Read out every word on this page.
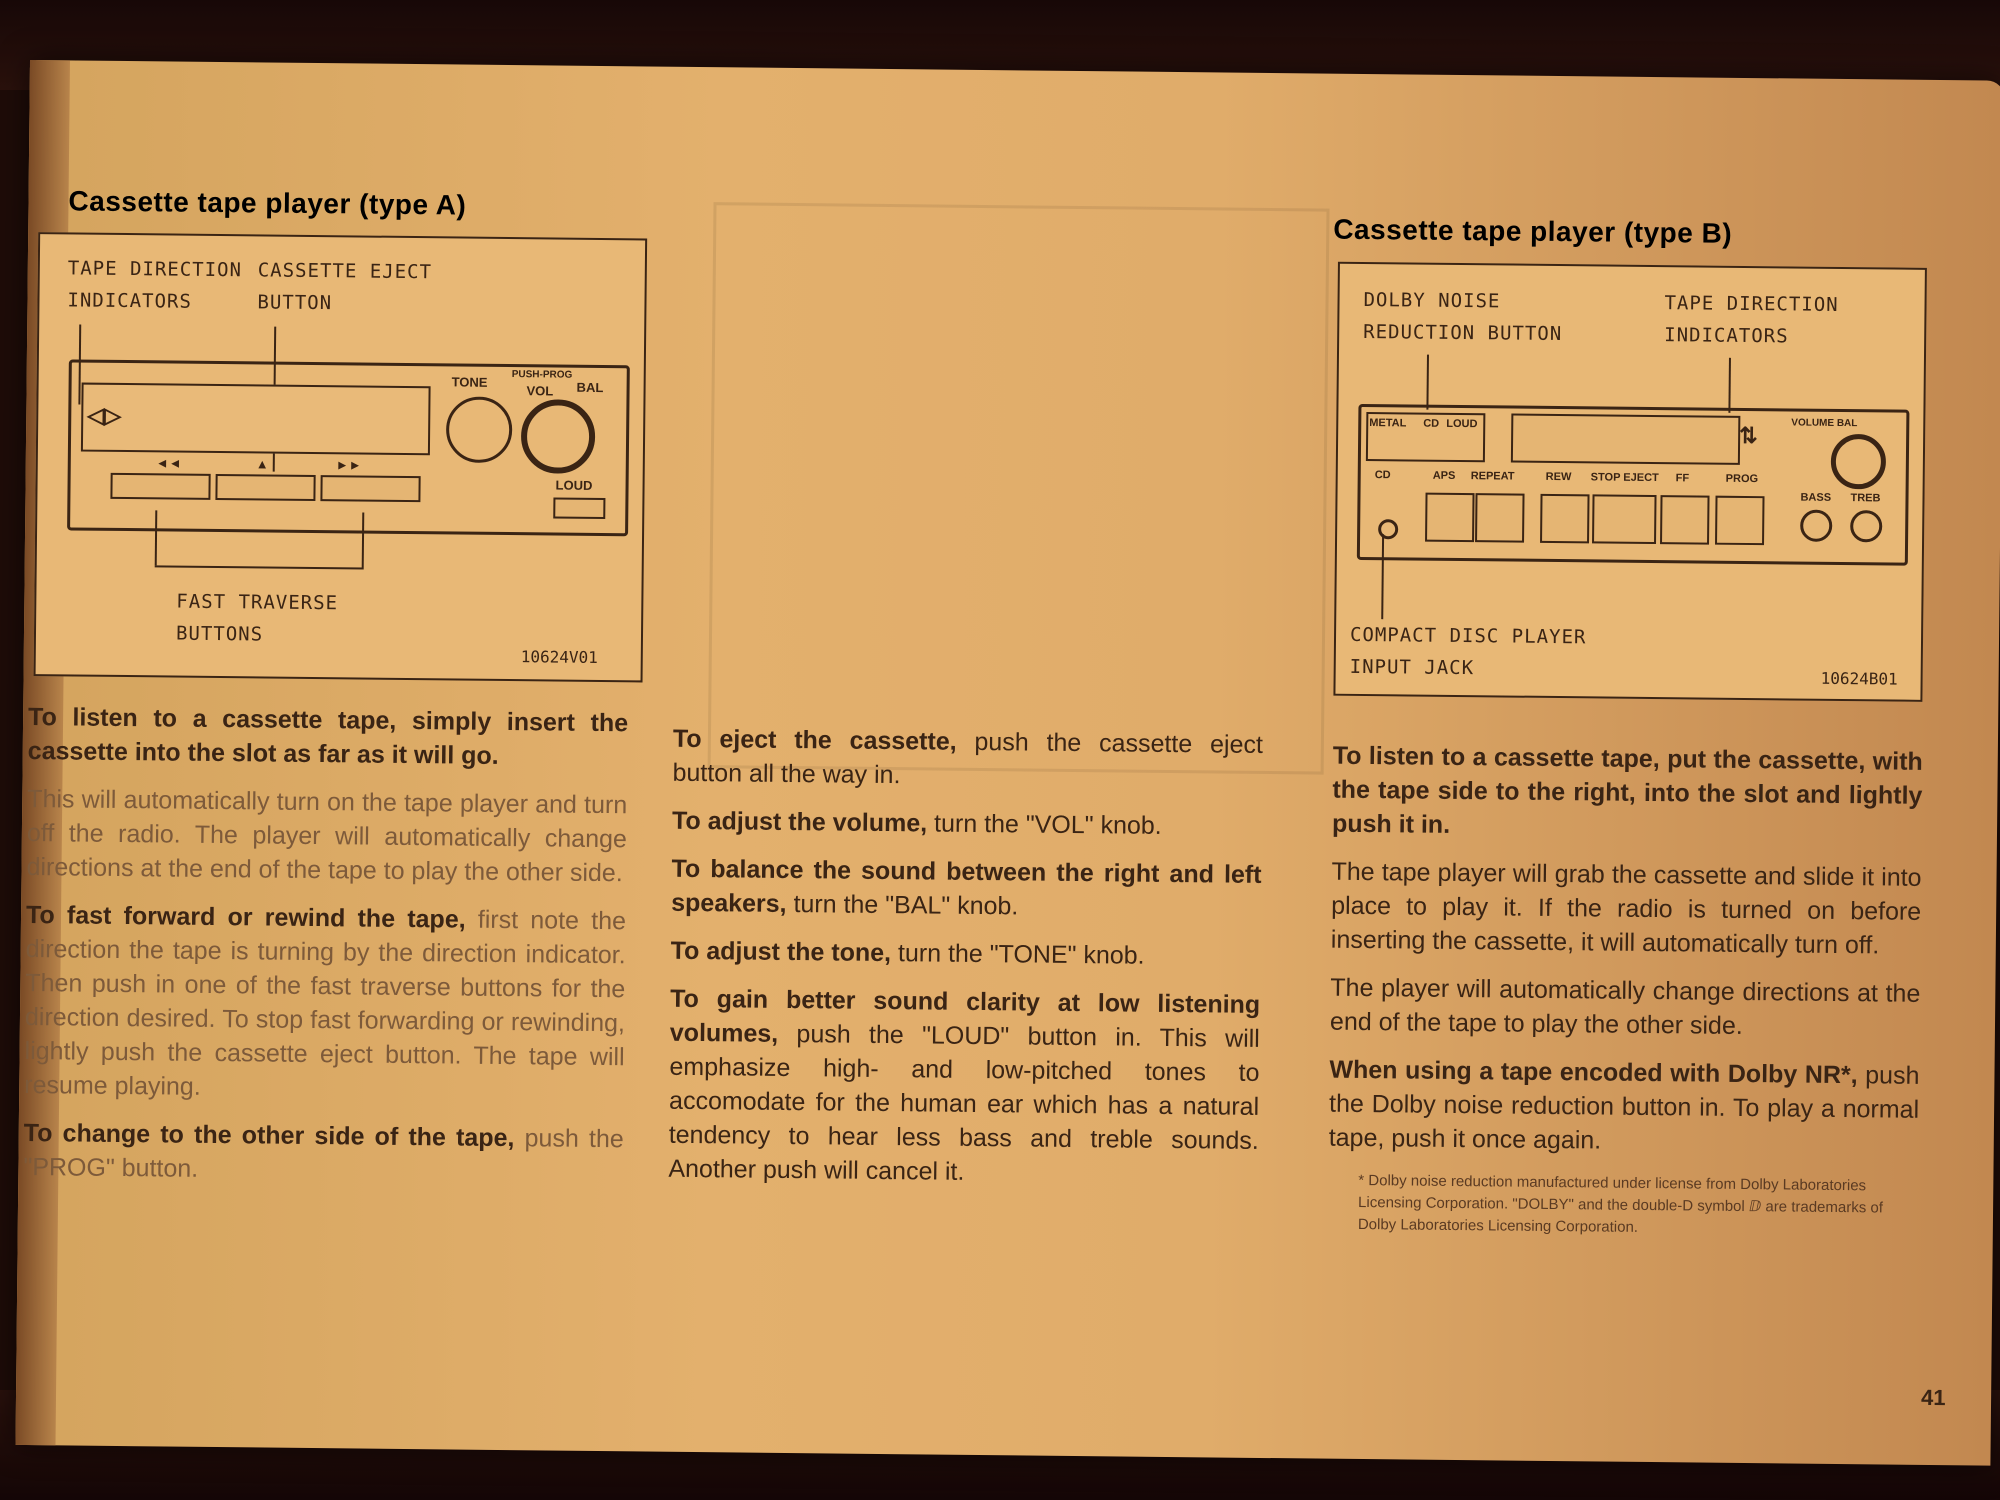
Cassette tape player (type A)
TAPE DIRECTION
INDICATORS
CASSETTE EJECT
BUTTON
◁▷
TONE PUSH-PROG
VOL BAL
LOUD
◄◄	▲	►►
FAST TRAVERSE
BUTTONS
10624V01

To listen to a cassette tape, simply insert the cassette into the slot as far as it will go.

This will automatically turn on the tape player and turn off the radio. The player will automatically change directions at the end of the tape to play the other side.

To fast forward or rewind the tape, first note the direction the tape is turning by the direction indicator. Then push in one of the fast traverse buttons for the direction desired. To stop fast forwarding or rewinding, lightly push the cassette eject button. The tape will resume playing.

To change to the other side of the tape, push the "PROG" button.

To eject the cassette, push the cassette eject button all the way in.

To adjust the volume, turn the "VOL" knob.

To balance the sound between the right and left speakers, turn the "BAL" knob.

To adjust the tone, turn the "TONE" knob.

To gain better sound clarity at low listening volumes, push the "LOUD" button in. This will emphasize high- and low-pitched tones to accomodate for the human ear which has a natural tendency to hear less bass and treble sounds. Another push will cancel it.

Cassette tape player (type B)
DOLBY NOISE
REDUCTION BUTTON
TAPE DIRECTION
INDICATORS
METAL CD LOUD	⇅	VOLUME BAL
CD	APS REPEAT	REW STOP EJECT FF	PROG
BASS TREB
COMPACT DISC PLAYER
INPUT JACK	10624B01

To listen to a cassette tape, put the cassette, with the tape side to the right, into the slot and lightly push it in.

The tape player will grab the cassette and slide it into place to play it. If the radio is turned on before inserting the cassette, it will automatically turn off.

The player will automatically change directions at the end of the tape to play the other side.

When using a tape encoded with Dolby NR*, push the Dolby noise reduction button in. To play a normal tape, push it once again.

* Dolby noise reduction manufactured under license from Dolby Laboratories Licensing Corporation. "DOLBY" and the double-D symbol ⅅ are trademarks of Dolby Laboratories Licensing Corporation.

41
